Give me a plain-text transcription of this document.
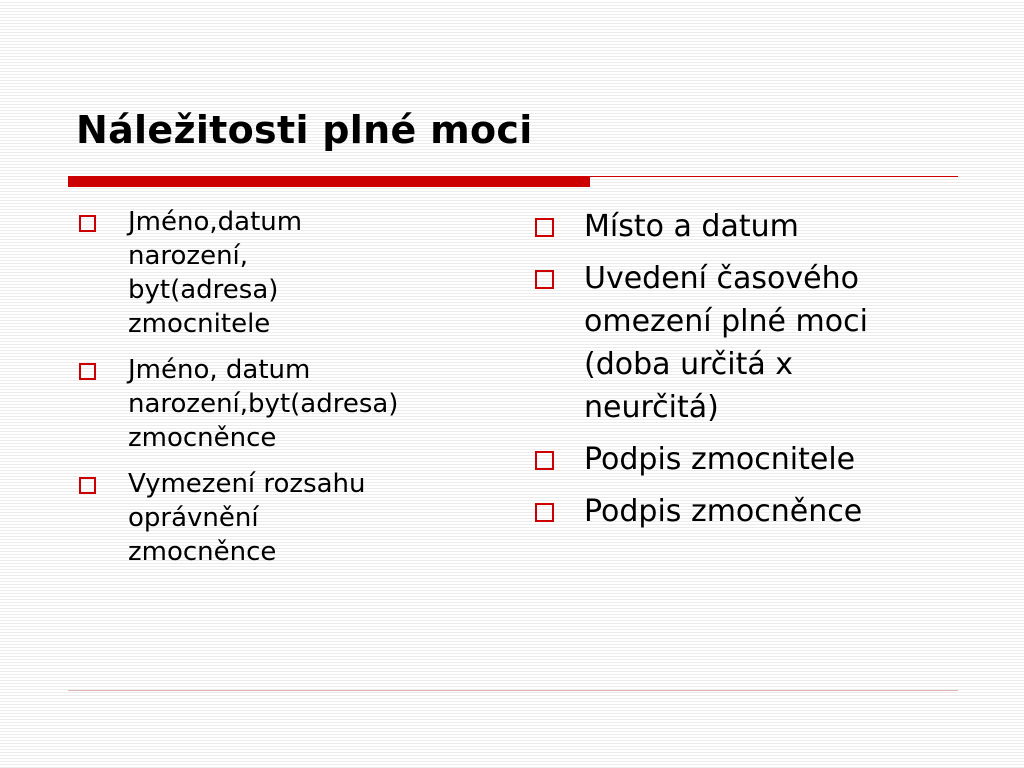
Náležitosti plné moci
Jméno,datum
narození,
byt(adresa)
zmocnitele
Jméno, datum
narození,byt(adresa)
zmocněnce
Vymezení rozsahu
oprávnění
zmocněnce
Místo a datum
Uvedení časového
omezení plné moci
(doba určitá x
neurčitá)
Podpis zmocnitele
Podpis zmocněnce
